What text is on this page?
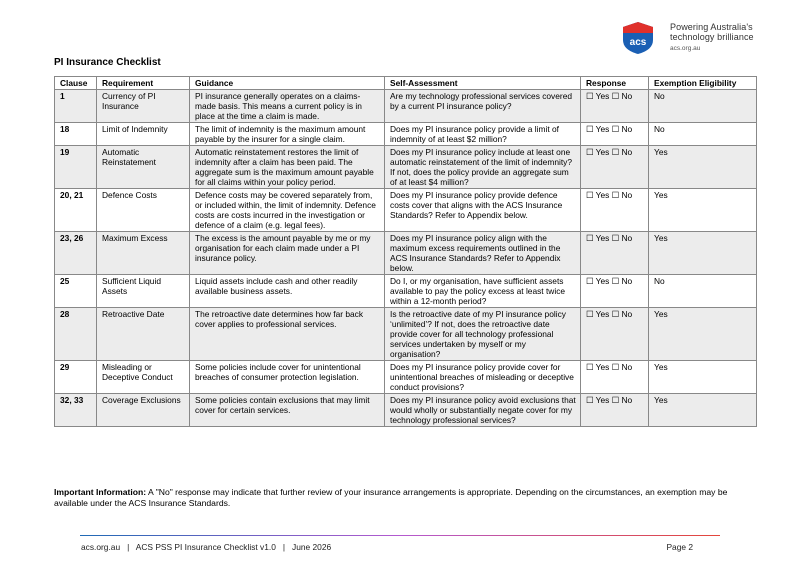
acs
Powering Australia's
technology brilliance
acs.org.au
PI Insurance Checklist
Clause	Requirement	Guidance	Self-Assessment	Response	Exemption Eligibility
1	Currency of PI Insurance	PI insurance generally operates on a claims-made basis. This means a current policy is in place at the time a claim is made.	Are my technology professional services covered by a current PI insurance policy?	☐ Yes ☐ No	No
18	Limit of Indemnity	The limit of indemnity is the maximum amount payable by the insurer for a single claim.	Does my PI insurance policy provide a limit of indemnity of at least $2 million?	☐ Yes ☐ No	No
19	Automatic Reinstatement	Automatic reinstatement restores the limit of indemnity after a claim has been paid. The aggregate sum is the maximum amount payable for all claims within your policy period.	Does my PI insurance policy include at least one automatic reinstatement of the limit of indemnity? If not, does the policy provide an aggregate sum of at least $4 million?	☐ Yes ☐ No	Yes
20, 21	Defence Costs	Defence costs may be covered separately from, or included within, the limit of indemnity. Defence costs are costs incurred in the investigation or defence of a claim (e.g. legal fees).	Does my PI insurance policy provide defence costs cover that aligns with the ACS Insurance Standards? Refer to Appendix below.	☐ Yes ☐ No	Yes
23, 26	Maximum Excess	The excess is the amount payable by me or my organisation for each claim made under a PI insurance policy.	Does my PI insurance policy align with the maximum excess requirements outlined in the ACS Insurance Standards? Refer to Appendix below.	☐ Yes ☐ No	Yes
25	Sufficient Liquid Assets	Liquid assets include cash and other readily available business assets.	Do I, or my organisation, have sufficient assets available to pay the policy excess at least twice within a 12-month period?	☐ Yes ☐ No	No
28	Retroactive Date	The retroactive date determines how far back cover applies to professional services.	Is the retroactive date of my PI insurance policy ‘unlimited’? If not, does the retroactive date provide cover for all technology professional services undertaken by myself or my organisation?	☐ Yes ☐ No	Yes
29	Misleading or Deceptive Conduct	Some policies include cover for unintentional breaches of consumer protection legislation.	Does my PI insurance policy provide cover for unintentional breaches of misleading or deceptive conduct provisions?	☐ Yes ☐ No	Yes
32, 33	Coverage Exclusions	Some policies contain exclusions that may limit cover for certain services.	Does my PI insurance policy avoid exclusions that would wholly or substantially negate cover for my technology professional services?	☐ Yes ☐ No	Yes
Important Information: A "No" response may indicate that further review of your insurance arrangements is appropriate. Depending on the circumstances, an exemption may be available under the ACS Insurance Standards.
acs.org.au   |   ACS PSS PI Insurance Checklist v1.0   |   June 2026	Page 2
